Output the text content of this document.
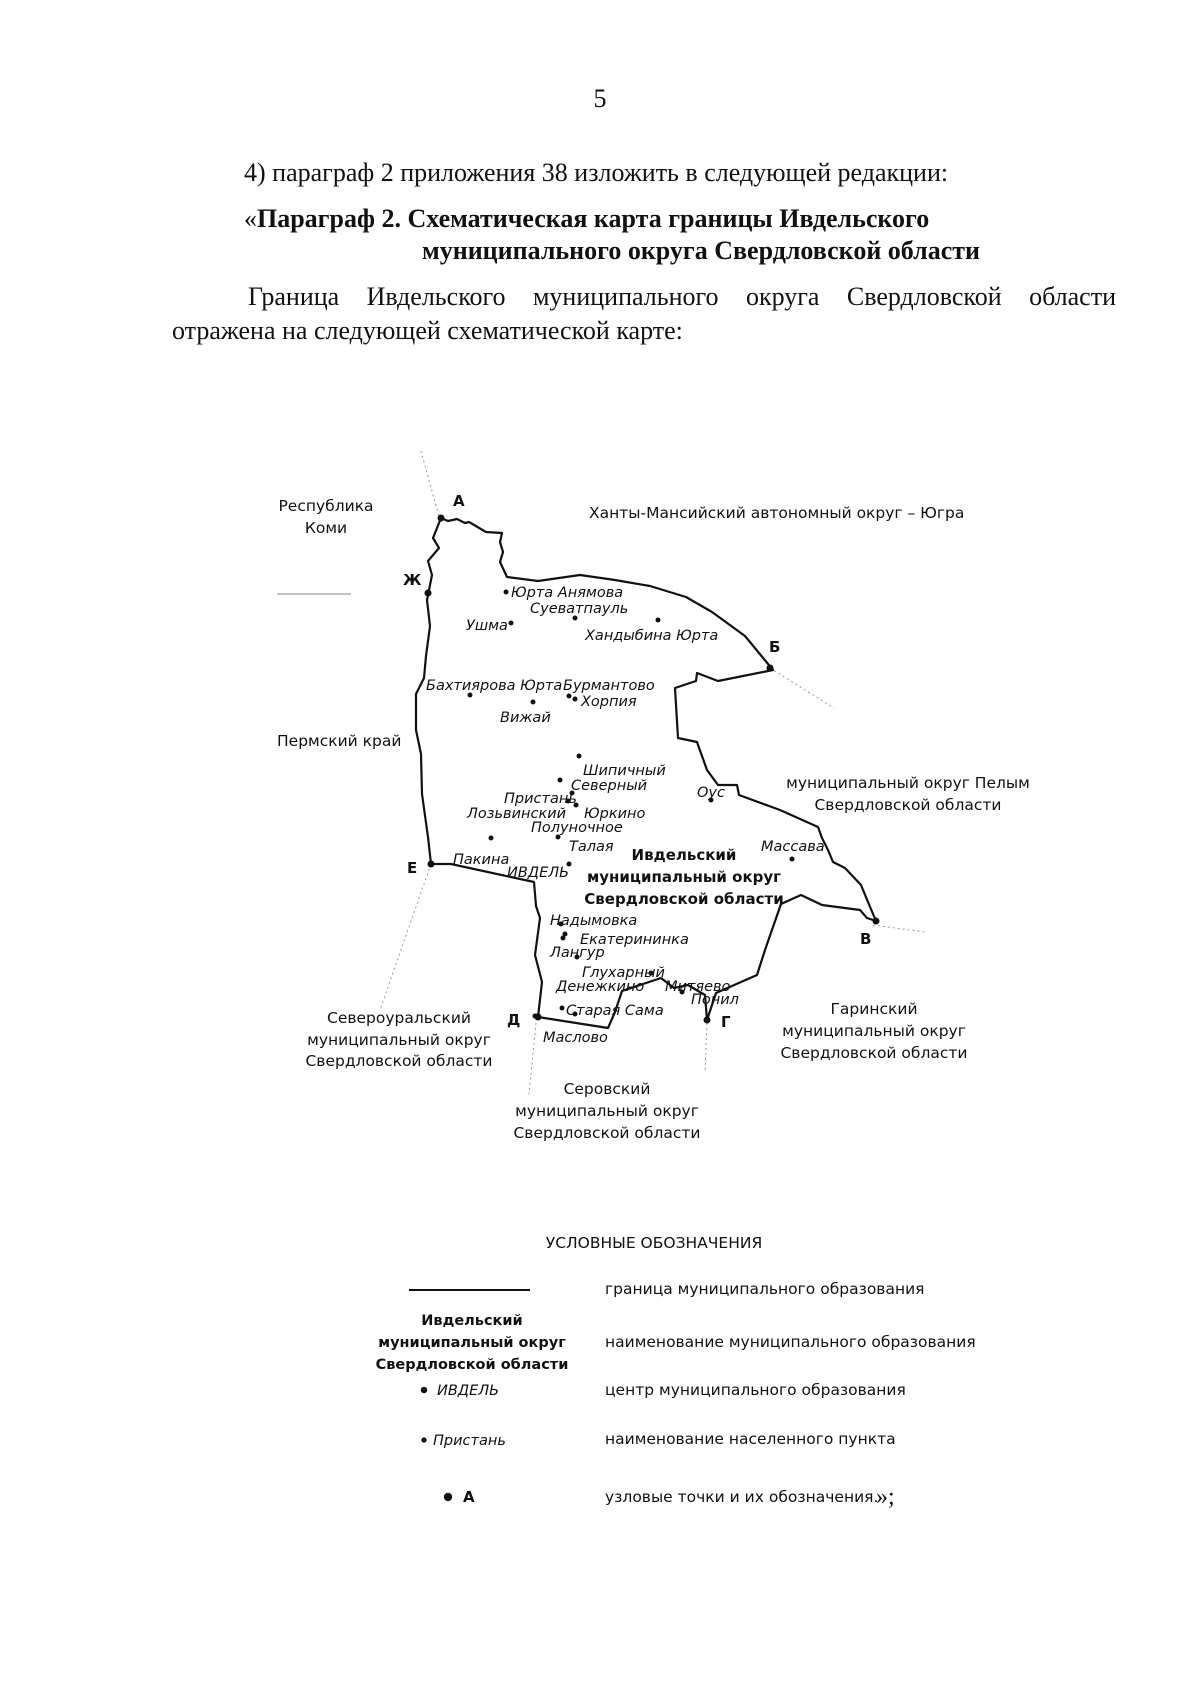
5
4) параграф 2 приложения 38 изложить в следующей редакции:
«Параграф 2. Схематическая карта границы Ивдельского
муниципального округа Свердловской области
Граница Ивдельского муниципального округа Свердловской области
отражена на следующей схематической карте:
Республика
Коми
Ханты-Мансийский автономный округ – Югра
Пермский край
муниципальный округ Пелым
Свердловской области
Североуральский
муниципальный округ
Свердловской области
Серовский
муниципальный округ
Свердловской области
Гаринский
муниципальный округ
Свердловской области
А
Б
В
Г
Д
Е
Ж
Ивдельский
муниципальный округ
Свердловской области
Юрта Анямова
Суеватпауль
Ушма
Хандыбина Юрта
Бахтиярова Юрта Бурмантово
Хорпия
Вижай
Шипичный
Северный
Пристань	Оус
Лозьвинский Юркино
Полуночное
Массава
Пакина
Талая
ИВДЕЛЬ
Надымовка
Екатерининка
Лангур
Глухарный
Денежкино Митяево
Понил
Старая Сама
Маслово
УСЛОВНЫЕ ОБОЗНАЧЕНИЯ
граница муниципального образования
Ивдельский
муниципальный округ
Свердловской области
наименование муниципального образования
ИВДЕЛЬ	центр муниципального образования
Пристань	наименование населенного пункта
А	узловые точки и их обозначения.
»;
